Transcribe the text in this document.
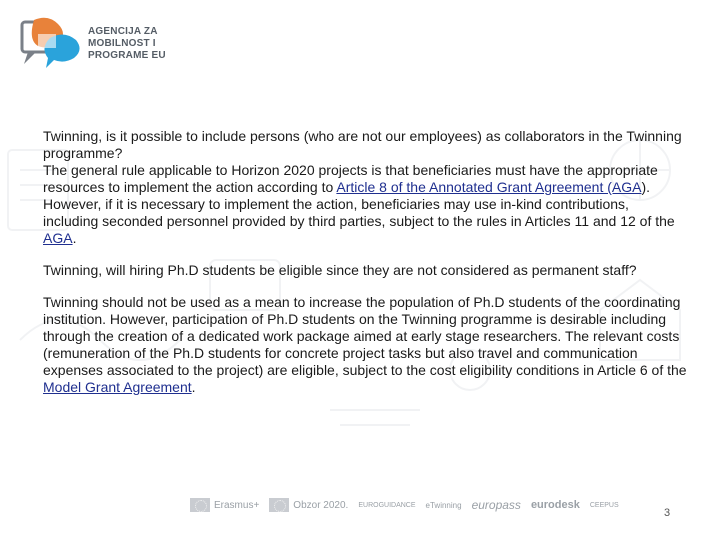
AGENCIJA ZA
MOBILNOST I
PROGRAME EU

Twinning, is it possible to include persons (who are not our employees) as collaborators in the Twinning programme?

The general rule applicable to Horizon 2020 projects is that beneficiaries must have the appropriate resources to implement the action according to Article 8 of the Annotated Grant Agreement (AGA). However, if it is necessary to implement the action, beneficiaries may use in-kind contributions, including seconded personnel provided by third parties, subject to the rules in Articles 11 and 12 of the AGA.

Twinning, will hiring Ph.D students be eligible since they are not considered as permanent staff?

Twinning should not be used as a mean to increase the population of Ph.D students of the coordinating institution. However, participation of Ph.D students on the Twinning programme is desirable including through the creation of a dedicated work package aimed at early stage researchers. The relevant costs (remuneration of the Ph.D students for concrete project tasks but also travel and communication expenses associated to the project) are eligible, subject to the cost eligibility conditions in Article 6 of the Model Grant Agreement.

Erasmus+	Obzor 2020. EUROGUIDANCE eTwinning europass eurodesk CEEPUS
3
